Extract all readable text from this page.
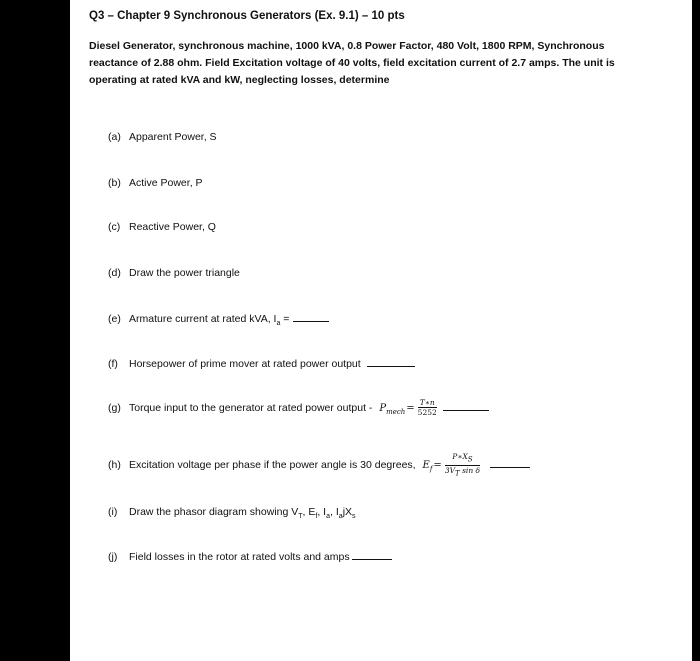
Q3 – Chapter 9 Synchronous Generators (Ex. 9.1) – 10 pts
Diesel Generator, synchronous machine, 1000 kVA, 0.8 Power Factor, 480 Volt, 1800 RPM, Synchronous reactance of 2.88 ohm. Field Excitation voltage of 40 volts, field excitation current of 2.7 amps. The unit is operating at rated kVA and kW, neglecting losses, determine
(a) Apparent Power, S
(b) Active Power, P
(c) Reactive Power, Q
(d) Draw the power triangle
(e) Armature current at rated kVA, $I_a$ =
(f) Horsepower of prime mover at rated power output
(g) Torque input to the generator at rated power output - $P_{mech}= \frac{T∗n}{5252}$
(h) Excitation voltage per phase if the power angle is 30 degrees, $E_f= \frac{P∗X_S}{3V_T \sin \delta}$
(i) Draw the phasor diagram showing $V_T$, $E_f$, $I_a$, $I_ajX_s$
(j) Field losses in the rotor at rated volts and amps
